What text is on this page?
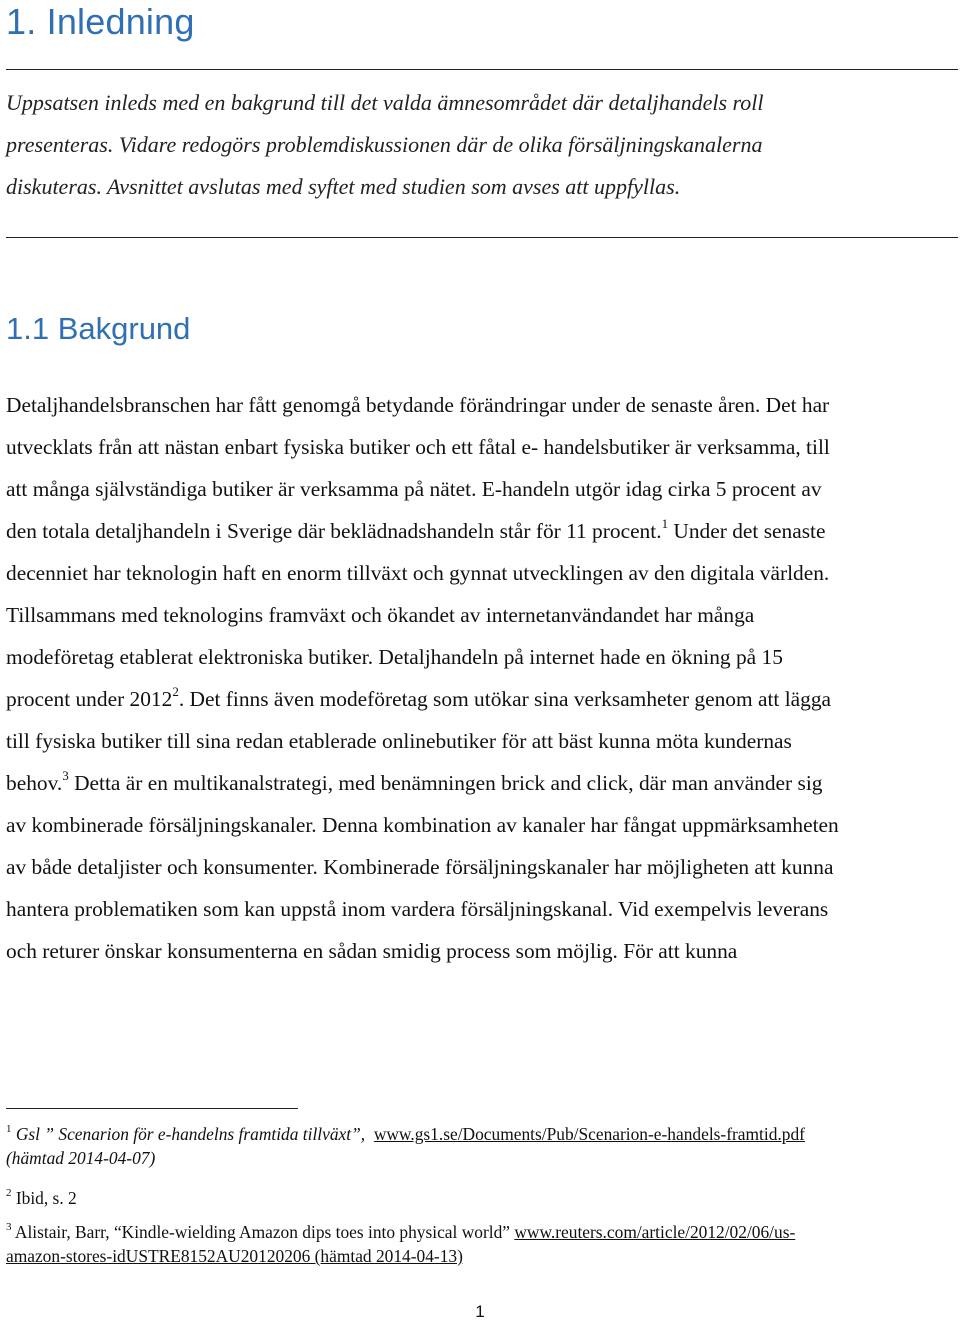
1. Inledning
Uppsatsen inleds med en bakgrund till det valda ämnesområdet där detaljhandels roll
presenteras. Vidare redogörs problemdiskussionen där de olika försäljningskanalerna
diskuteras. Avsnittet avslutas med syftet med studien som avses att uppfyllas.
1.1 Bakgrund
Detaljhandelsbranschen har fått genomgå betydande förändringar under de senaste åren. Det har
utvecklats från att nästan enbart fysiska butiker och ett fåtal e- handelsbutiker är verksamma, till
att många självständiga butiker är verksamma på nätet. E-handeln utgör idag cirka 5 procent av
den totala detaljhandeln i Sverige där beklädnadshandeln står för 11 procent.$^1$ Under det senaste
decenniet har teknologin haft en enorm tillväxt och gynnat utvecklingen av den digitala världen.
Tillsammans med teknologins framväxt och ökandet av internetanvändandet har många
modeföretag etablerat elektroniska butiker. Detaljhandeln på internet hade en ökning på 15
procent under 2012$^2$. Det finns även modeföretag som utökar sina verksamheter genom att lägga
till fysiska butiker till sina redan etablerade onlinebutiker för att bäst kunna möta kundernas
behov.$^3$ Detta är en multikanalstrategi, med benämningen brick and click, där man använder sig
av kombinerade försäljningskanaler. Denna kombination av kanaler har fångat uppmärksamheten
av både detaljister och konsumenter. Kombinerade försäljningskanaler har möjligheten att kunna
hantera problematiken som kan uppstå inom vardera försäljningskanal. Vid exempelvis leverans
och returer önskar konsumenterna en sådan smidig process som möjlig. För att kunna
$^1$ Gsl ” Scenarion för e-handelns framtida tillväxt”, www.gs1.se/Documents/Pub/Scenarion-e-handels-framtid.pdf
(hämtad 2014-04-07)
$^2$ Ibid, s. 2
$^3$ Alistair, Barr, “Kindle-wielding Amazon dips toes into physical world” www.reuters.com/article/2012/02/06/us-
amazon-stores-idUSTRE8152AU20120206 (hämtad 2014-04-13)
1
